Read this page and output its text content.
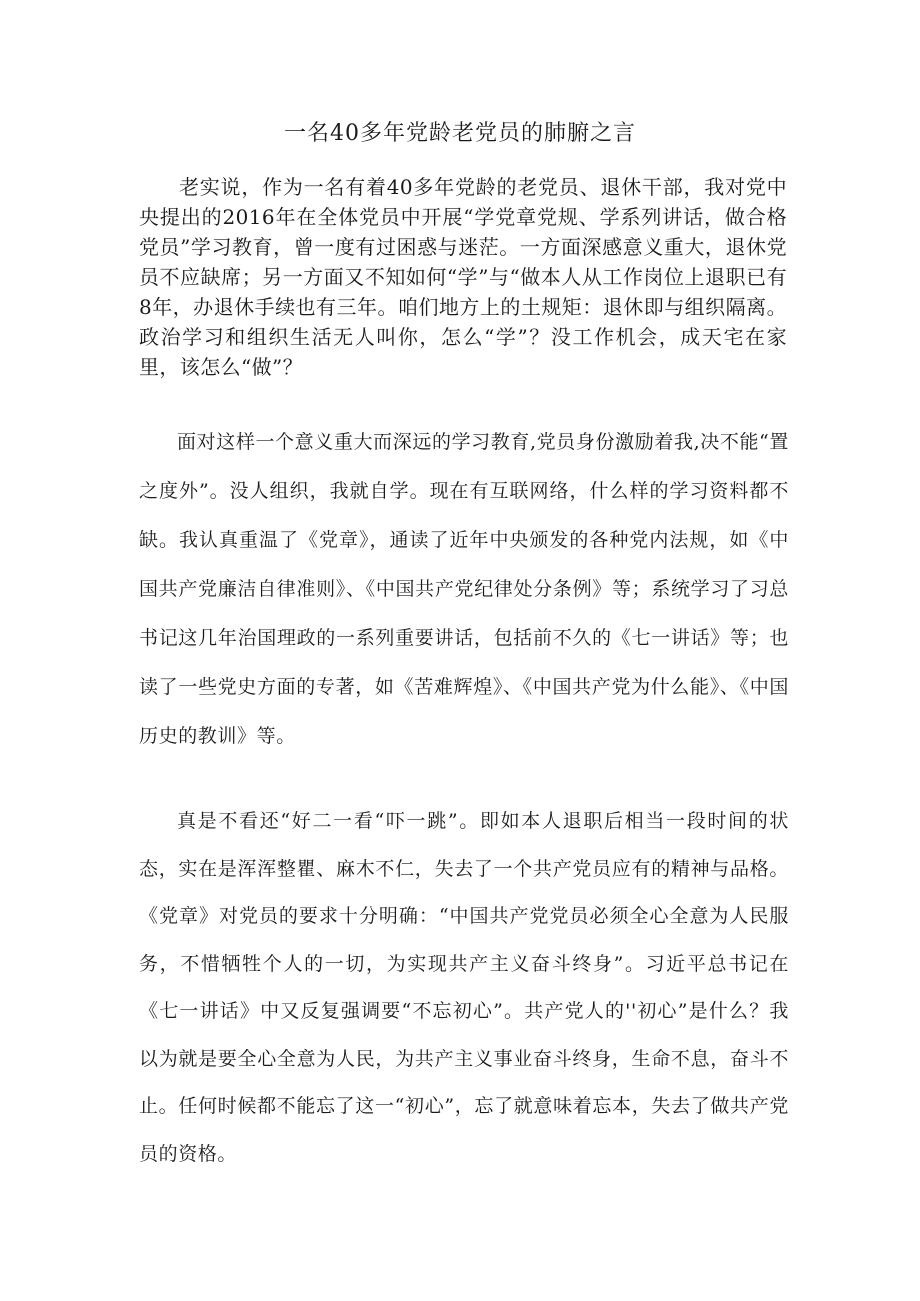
一名40多年党龄老党员的肺腑之言

老实说，作为一名有着40多年党龄的老党员、退休干部，我对党中央提出的2016年在全体党员中开展“学党章党规、学系列讲话，做合格党员”学习教育，曾一度有过困惑与迷茫。一方面深感意义重大，退休党员不应缺席；另一方面又不知如何“学”与“做本人从工作岗位上退职已有8年，办退休手续也有三年。咱们地方上的土规矩：退休即与组织隔离。政治学习和组织生活无人叫你，怎么“学”？没工作机会，成天宅在家里，该怎么“做”？

面对这样一个意义重大而深远的学习教育,党员身份激励着我,决不能“置之度外”。没人组织，我就自学。现在有互联网络，什么样的学习资料都不缺。我认真重温了《党章》，通读了近年中央颁发的各种党内法规，如《中国共产党廉洁自律准则》、《中国共产党纪律处分条例》等；系统学习了习总书记这几年治国理政的一系列重要讲话，包括前不久的《七一讲话》等；也读了一些党史方面的专著，如《苦难辉煌》、《中国共产党为什么能》、《中国历史的教训》等。

真是不看还“好二一看“吓一跳”。即如本人退职后相当一段时间的状态，实在是浑浑整瞿、麻木不仁，失去了一个共产党员应有的精神与品格。《党章》对党员的要求十分明确：“中国共产党党员必须全心全意为人民服务，不惜牺牲个人的一切，为实现共产主义奋斗终身”。习近平总书记在《七一讲话》中又反复强调要“不忘初心”。共产党人的''初心”是什么？我以为就是要全心全意为人民，为共产主义事业奋斗终身，生命不息，奋斗不止。任何时候都不能忘了这一“初心”，忘了就意味着忘本，失去了做共产党员的资格。
